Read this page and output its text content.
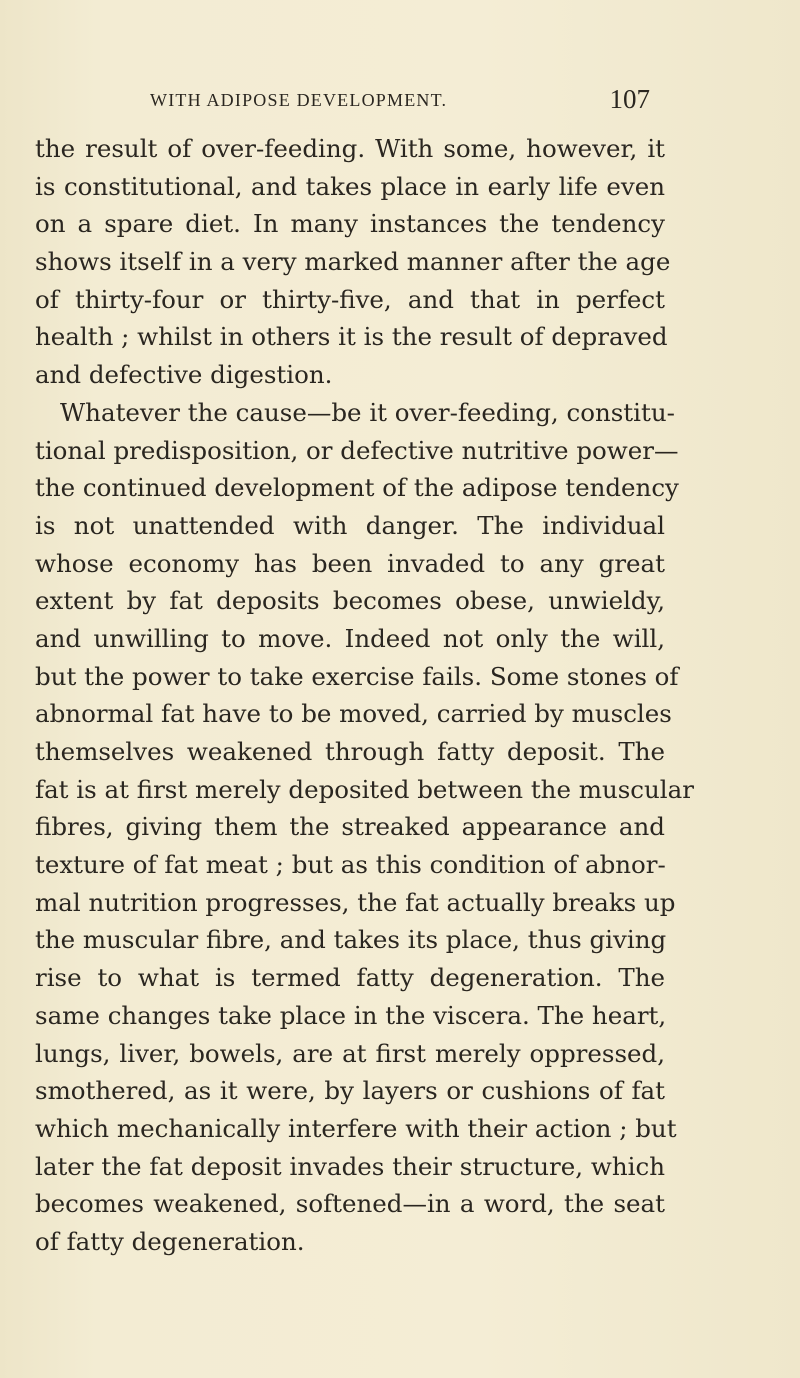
WITH ADIPOSE DEVELOPMENT.	107
the result of over-feeding. With some, however, it
is constitutional, and takes place in early life even
on a spare diet. In many instances the tendency
shows itself in a very marked manner after the age
of thirty-four or thirty-five, and that in perfect
health ; whilst in others it is the result of depraved
and defective digestion.
Whatever the cause—be it over-feeding, constitu-
tional predisposition, or defective nutritive power—
the continued development of the adipose tendency
is not unattended with danger. The individual
whose economy has been invaded to any great
extent by fat deposits becomes obese, unwieldy,
and unwilling to move. Indeed not only the will,
but the power to take exercise fails. Some stones of
abnormal fat have to be moved, carried by muscles
themselves weakened through fatty deposit. The
fat is at first merely deposited between the muscular
fibres, giving them the streaked appearance and
texture of fat meat ; but as this condition of abnor-
mal nutrition progresses, the fat actually breaks up
the muscular fibre, and takes its place, thus giving
rise to what is termed fatty degeneration. The
same changes take place in the viscera. The heart,
lungs, liver, bowels, are at first merely oppressed,
smothered, as it were, by layers or cushions of fat
which mechanically interfere with their action ; but
later the fat deposit invades their structure, which
becomes weakened, softened—in a word, the seat
of fatty degeneration.
